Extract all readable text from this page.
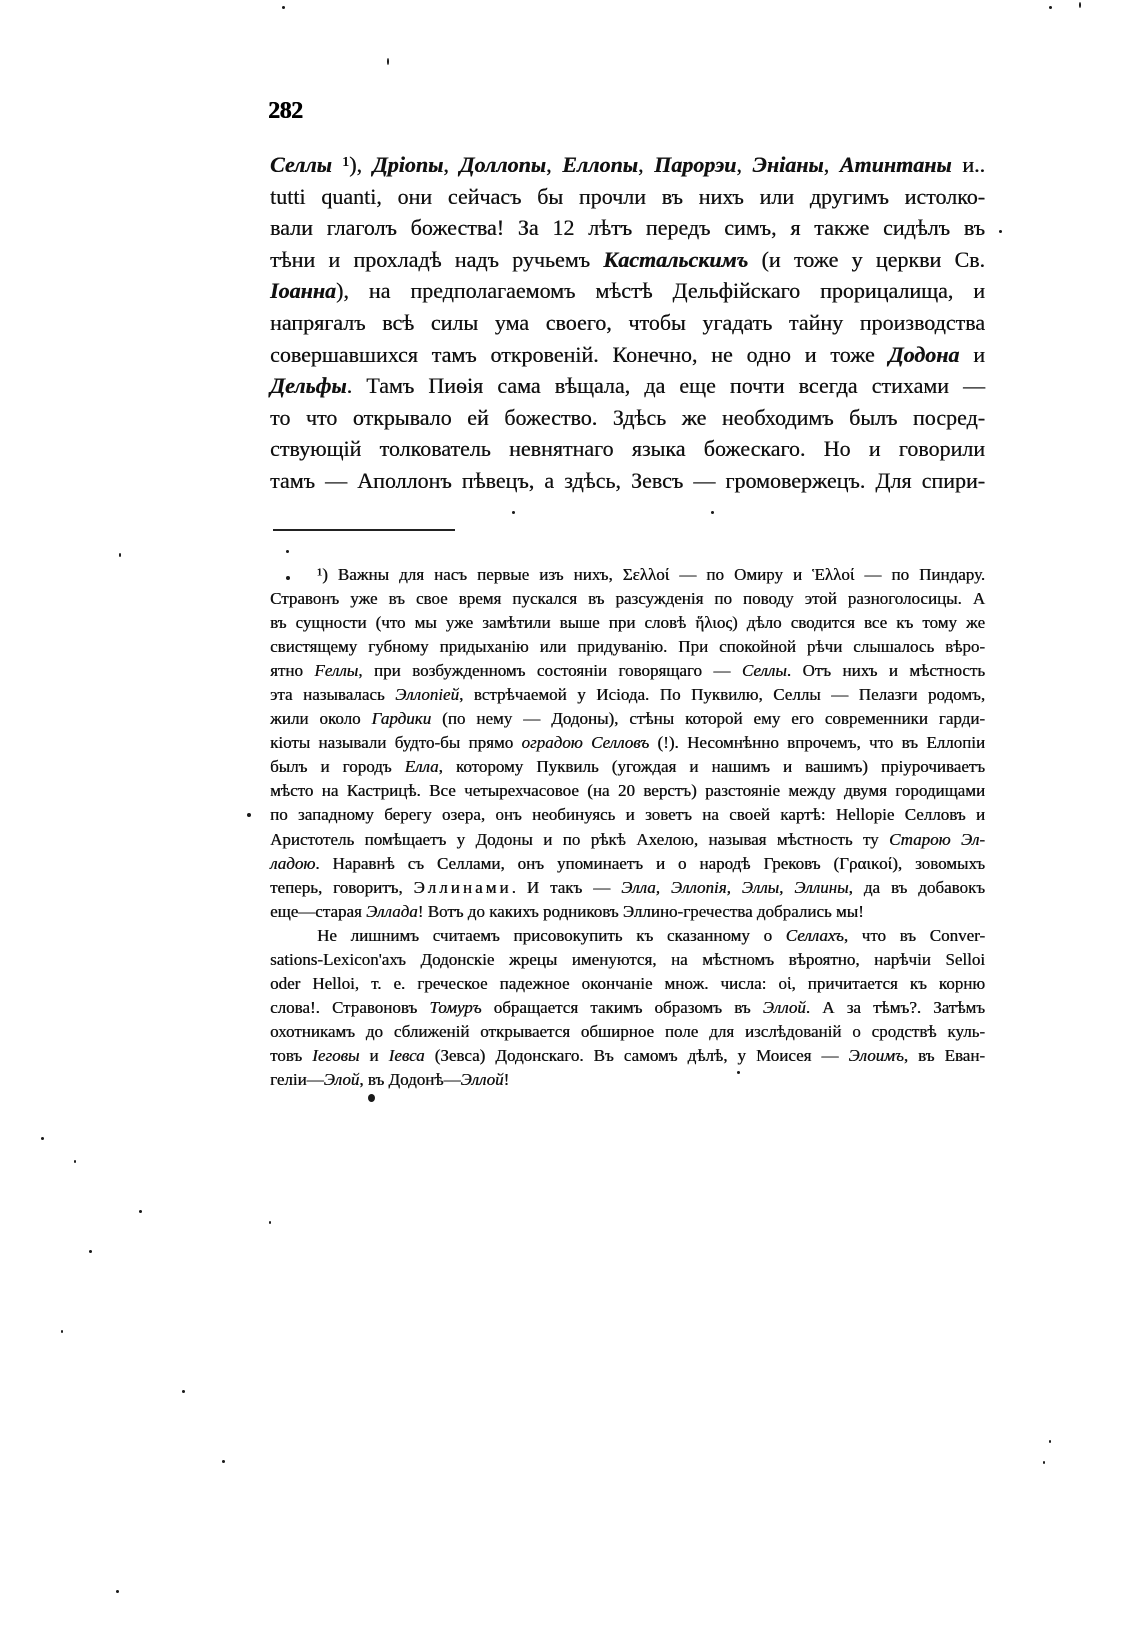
282
Селлы ¹), Дріопы, Доллопы, Еллопы, Парорэи, Эніаны, Атинтаны и..
tutti quanti, они сейчасъ бы прочли въ нихъ или другимъ истолко-
вали глаголъ божества! За 12 лѣтъ передъ симъ, я также сидѣлъ въ
тѣни и прохладѣ надъ ручьемъ Кастальскимъ (и тоже у церкви Св.
Іоанна), на предполагаемомъ мѣстѣ Дельфійскаго прорицалища, и
напрягалъ всѣ силы ума своего, чтобы угадать тайну производства
совершавшихся тамъ откровеній. Конечно, не одно и тоже Додона и
Дельфы. Тамъ Пиѳія сама вѣщала, да еще почти всегда стихами —
то что открывало ей божество. Здѣсь же необходимъ былъ посред-
ствующій толкователь невнятнаго языка божескаго. Но и говорили
тамъ — Аполлонъ пѣвецъ, а здѣсь, Зевсъ — громовержецъ. Для спири-
¹) Важны для насъ первые изъ нихъ, Σελλοί — по Омиру и Ἑλλοί — по Пиндару.
Стравонъ уже въ свое время пускался въ разсужденія по поводу этой разноголосицы. А
въ сущности (что мы уже замѣтили выше при словѣ ἥλιος) дѣло сводится все къ тому же
свистящему губному придыханію или придуванію. При спокойной рѣчи слышалось вѣро-
ятно Fеллы, при возбужденномъ состояніи говорящаго — Селлы. Отъ нихъ и мѣстность
эта называлась Эллопіей, встрѣчаемой у Исіода. По Пуквилю, Селлы — Пелазги родомъ,
жили около Гардики (по нему — Додоны), стѣны которой ему его современники гарди-
кіоты называли будто-бы прямо оградою Селловъ (!). Несомнѣнно впрочемъ, что въ Еллопіи
былъ и городъ Елла, которому Пуквиль (угождая и нашимъ и вашимъ) пріурочиваетъ
мѣсто на Кастрицѣ. Все четырехчасовое (на 20 верстъ) разстояніе между двумя городищами
по западному берегу озера, онъ необинуясь и зоветъ на своей картѣ: Hellopie Селловъ и
Аристотель помѣщаетъ у Додоны и по рѣкѣ Ахелою, называя мѣстность ту Старою Эл-
ладою. Наравнѣ съ Селлами, онъ упоминаетъ и о народѣ Грековъ (Γραικοί), зовомыхъ
теперь, говоритъ, Эллинами. И такъ — Элла, Эллопія, Эллы, Эллины, да въ добавокъ
еще—старая Эллада! Вотъ до какихъ родниковъ Эллино-гречества добрались мы!
Не лишнимъ считаемъ присовокупить къ сказанному о Селлахъ, что въ Conver-
sations-Lexicon'ахъ Додонскіе жрецы именуются, на мѣстномъ вѣроятно, нарѣчіи Selloi
oder Helloi, т. е. греческое падежное окончаніе множ. числа: οἱ, причитается къ корню
слова!. Стравоновъ Томуръ обращается такимъ образомъ въ Эллой. А за тѣмъ?. Затѣмъ
охотникамъ до сближеній открывается обширное поле для изслѣдованій о сродствѣ куль-
товъ Іеговы и Іевса (Зевса) Додонскаго. Въ самомъ дѣлѣ, у Моисея — Элоимъ, въ Еван-
геліи—Элой, въ Додонѣ—Эллой!
